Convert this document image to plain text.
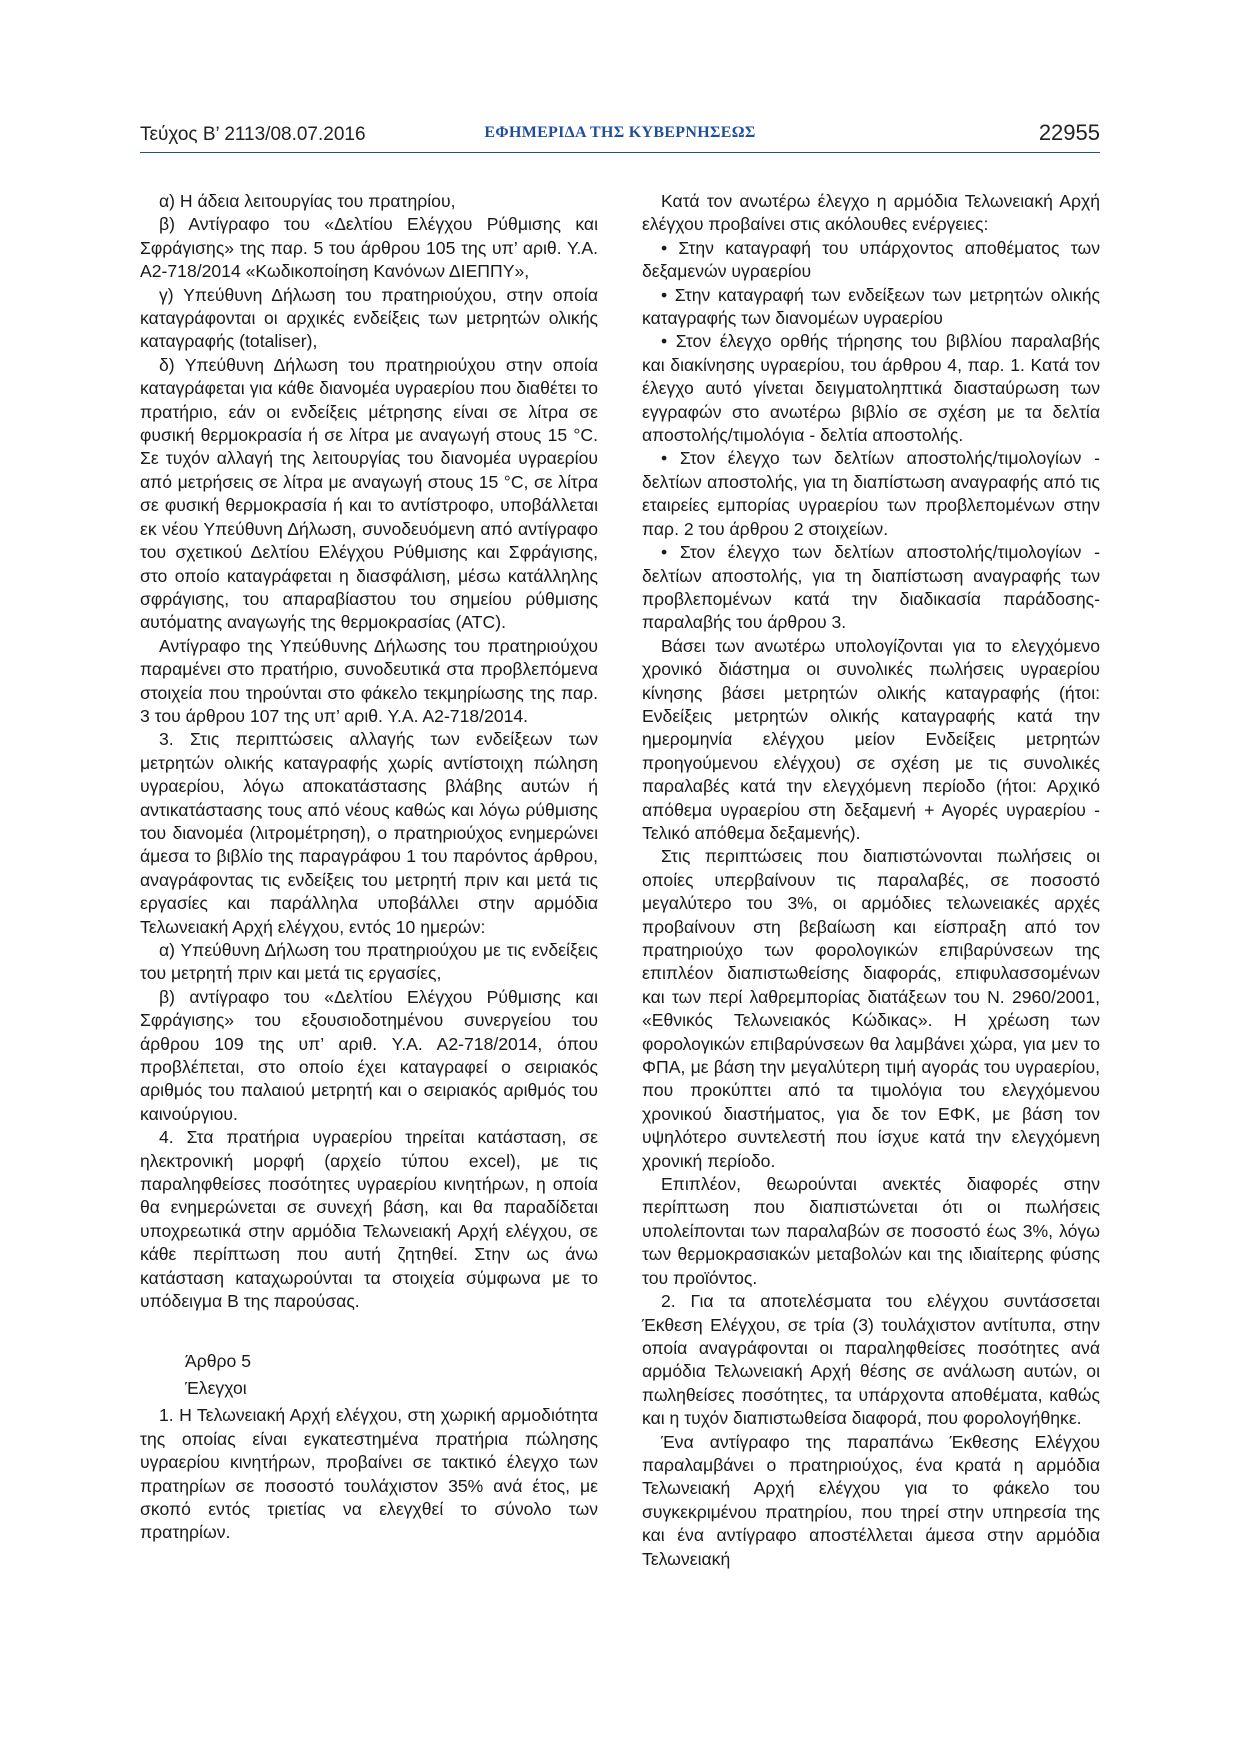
Τεύχος Β’ 2113/08.07.2016	ΕΦΗΜΕΡΙΔΑ ΤΗΣ ΚΥΒΕΡΝΗΣΕΩΣ	22955

α) Η άδεια λειτουργίας του πρατηρίου,

β) Αντίγραφο του «Δελτίου Ελέγχου Ρύθμισης και Σφράγισης» της παρ. 5 του άρθρου 105 της υπ’ αριθ. Υ.Α. Α2-718/2014 «Κωδικοποίηση Κανόνων ΔΙΕΠΠΥ»,

γ) Υπεύθυνη Δήλωση του πρατηριούχου, στην οποία καταγράφονται οι αρχικές ενδείξεις των μετρητών ολικής καταγραφής (totaliser),

δ) Υπεύθυνη Δήλωση του πρατηριούχου στην οποία καταγράφεται για κάθε διανομέα υγραερίου που διαθέτει το πρατήριο, εάν οι ενδείξεις μέτρησης είναι σε λίτρα σε φυσική θερμοκρασία ή σε λίτρα με αναγωγή στους 15 °C. Σε τυχόν αλλαγή της λειτουργίας του διανομέα υγραερίου από μετρήσεις σε λίτρα με αναγωγή στους 15 °C, σε λίτρα σε φυσική θερμοκρασία ή και το αντίστροφο, υποβάλλεται εκ νέου Υπεύθυνη Δήλωση, συνοδευόμενη από αντίγραφο του σχετικού Δελτίου Ελέγχου Ρύθμισης και Σφράγισης, στο οποίο καταγράφεται η διασφάλιση, μέσω κατάλληλης σφράγισης, του απαραβίαστου του σημείου ρύθμισης αυτόματης αναγωγής της θερμοκρασίας (ATC).

Αντίγραφο της Υπεύθυνης Δήλωσης του πρατηριούχου παραμένει στο πρατήριο, συνοδευτικά στα προβλεπόμενα στοιχεία που τηρούνται στο φάκελο τεκμηρίωσης της παρ. 3 του άρθρου 107 της υπ’ αριθ. Υ.Α. Α2-718/2014.

3. Στις περιπτώσεις αλλαγής των ενδείξεων των μετρητών ολικής καταγραφής χωρίς αντίστοιχη πώληση υγραερίου, λόγω αποκατάστασης βλάβης αυτών ή αντικατάστασης τους από νέους καθώς και λόγω ρύθμισης του διανομέα (λιτρομέτρηση), ο πρατηριούχος ενημερώνει άμεσα το βιβλίο της παραγράφου 1 του παρόντος άρθρου, αναγράφοντας τις ενδείξεις του μετρητή πριν και μετά τις εργασίες και παράλληλα υποβάλλει στην αρμόδια Τελωνειακή Αρχή ελέγχου, εντός 10 ημερών:

α) Υπεύθυνη Δήλωση του πρατηριούχου με τις ενδείξεις του μετρητή πριν και μετά τις εργασίες,

β) αντίγραφο του «Δελτίου Ελέγχου Ρύθμισης και Σφράγισης» του εξουσιοδοτημένου συνεργείου του άρθρου 109 της υπ’ αριθ. Υ.Α. Α2-718/2014, όπου προβλέπεται, στο οποίο έχει καταγραφεί ο σειριακός αριθμός του παλαιού μετρητή και ο σειριακός αριθμός του καινούργιου.

4. Στα πρατήρια υγραερίου τηρείται κατάσταση, σε ηλεκτρονική μορφή (αρχείο τύπου excel), με τις παραληφθείσες ποσότητες υγραερίου κινητήρων, η οποία θα ενημερώνεται σε συνεχή βάση, και θα παραδίδεται υποχρεωτικά στην αρμόδια Τελωνειακή Αρχή ελέγχου, σε κάθε περίπτωση που αυτή ζητηθεί. Στην ως άνω κατάσταση καταχωρούνται τα στοιχεία σύμφωνα με το υπόδειγμα Β της παρούσας.

Άρθρο 5

Έλεγχοι

1. Η Τελωνειακή Αρχή ελέγχου, στη χωρική αρμοδιότητα της οποίας είναι εγκατεστημένα πρατήρια πώλησης υγραερίου κινητήρων, προβαίνει σε τακτικό έλεγχο των πρατηρίων σε ποσοστό τουλάχιστον 35% ανά έτος, με σκοπό εντός τριετίας να ελεγχθεί το σύνολο των πρατηρίων.

Κατά τον ανωτέρω έλεγχο η αρμόδια Τελωνειακή Αρχή ελέγχου προβαίνει στις ακόλουθες ενέργειες:

• Στην καταγραφή του υπάρχοντος αποθέματος των δεξαμενών υγραερίου

• Στην καταγραφή των ενδείξεων των μετρητών ολικής καταγραφής των διανομέων υγραερίου

• Στον έλεγχο ορθής τήρησης του βιβλίου παραλαβής και διακίνησης υγραερίου, του άρθρου 4, παρ. 1. Κατά τον έλεγχο αυτό γίνεται δειγματοληπτικά διασταύρωση των εγγραφών στο ανωτέρω βιβλίο σε σχέση με τα δελτία αποστολής/τιμολόγια - δελτία αποστολής.

• Στον έλεγχο των δελτίων αποστολής/τιμολογίων - δελτίων αποστολής, για τη διαπίστωση αναγραφής από τις εταιρείες εμπορίας υγραερίου των προβλεπομένων στην παρ. 2 του άρθρου 2 στοιχείων.

• Στον έλεγχο των δελτίων αποστολής/τιμολογίων - δελτίων αποστολής, για τη διαπίστωση αναγραφής των προβλεπομένων κατά την διαδικασία παράδοσης-παραλαβής του άρθρου 3.

Βάσει των ανωτέρω υπολογίζονται για το ελεγχόμενο χρονικό διάστημα οι συνολικές πωλήσεις υγραερίου κίνησης βάσει μετρητών ολικής καταγραφής (ήτοι: Ενδείξεις μετρητών ολικής καταγραφής κατά την ημερομηνία ελέγχου μείον Ενδείξεις μετρητών προηγούμενου ελέγχου) σε σχέση με τις συνολικές παραλαβές κατά την ελεγχόμενη περίοδο (ήτοι: Αρχικό απόθεμα υγραερίου στη δεξαμενή + Αγορές υγραερίου - Τελικό απόθεμα δεξαμενής).

Στις περιπτώσεις που διαπιστώνονται πωλήσεις οι οποίες υπερβαίνουν τις παραλαβές, σε ποσοστό μεγαλύτερο του 3%, οι αρμόδιες τελωνειακές αρχές προβαίνουν στη βεβαίωση και είσπραξη από τον πρατηριούχο των φορολογικών επιβαρύνσεων της επιπλέον διαπιστωθείσης διαφοράς, επιφυλασσομένων και των περί λαθρεμπορίας διατάξεων του Ν. 2960/2001, «Εθνικός Τελωνειακός Κώδικας». Η χρέωση των φορολογικών επιβαρύνσεων θα λαμβάνει χώρα, για μεν το ΦΠΑ, με βάση την μεγαλύτερη τιμή αγοράς του υγραερίου, που προκύπτει από τα τιμολόγια του ελεγχόμενου χρονικού διαστήματος, για δε τον ΕΦΚ, με βάση τον υψηλότερο συντελεστή που ίσχυε κατά την ελεγχόμενη χρονική περίοδο.

Επιπλέον, θεωρούνται ανεκτές διαφορές στην περίπτωση που διαπιστώνεται ότι οι πωλήσεις υπολείπονται των παραλαβών σε ποσοστό έως 3%, λόγω των θερμοκρασιακών μεταβολών και της ιδιαίτερης φύσης του προϊόντος.

2. Για τα αποτελέσματα του ελέγχου συντάσσεται Έκθεση Ελέγχου, σε τρία (3) τουλάχιστον αντίτυπα, στην οποία αναγράφονται οι παραληφθείσες ποσότητες ανά αρμόδια Τελωνειακή Αρχή θέσης σε ανάλωση αυτών, οι πωληθείσες ποσότητες, τα υπάρχοντα αποθέματα, καθώς και η τυχόν διαπιστωθείσα διαφορά, που φορολογήθηκε.

Ένα αντίγραφο της παραπάνω Έκθεσης Ελέγχου παραλαμβάνει ο πρατηριούχος, ένα κρατά η αρμόδια Τελωνειακή Αρχή ελέγχου για το φάκελο του συγκεκριμένου πρατηρίου, που τηρεί στην υπηρεσία της και ένα αντίγραφο αποστέλλεται άμεσα στην αρμόδια Τελωνειακή
